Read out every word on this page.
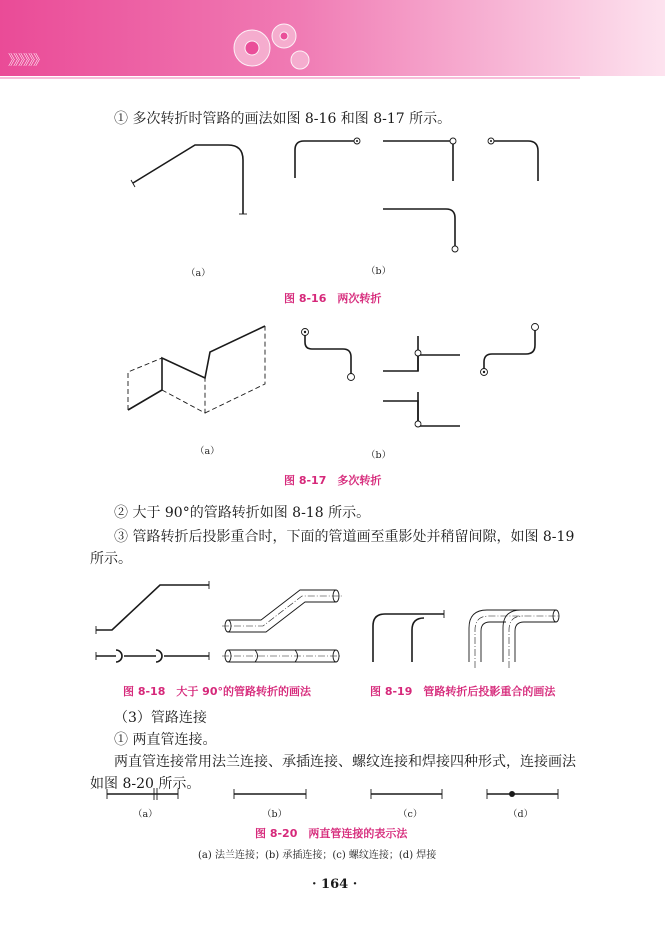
》》》》》》
① 多次转折时管路的画法如图 8-16 和图 8-17 所示。
（a）	（b）
图 8-16　两次转折
（a）	（b）
图 8-17　多次转折
② 大于 90°的管路转折如图 8-18 所示。
③ 管路转折后投影重合时，下面的管道画至重影处并稍留间隙，如图 8-19
所示。
图 8-18　大于 90°的管路转折的画法	图 8-19　管路转折后投影重合的画法
（3）管路连接
① 两直管连接。
两直管连接常用法兰连接、承插连接、螺纹连接和焊接四种形式，连接画法
如图 8-20 所示。
（a）	（b）	（c）	（d）
图 8-20　两直管连接的表示法
(a) 法兰连接；(b) 承插连接；(c) 螺纹连接；(d) 焊接
· 164 ·
